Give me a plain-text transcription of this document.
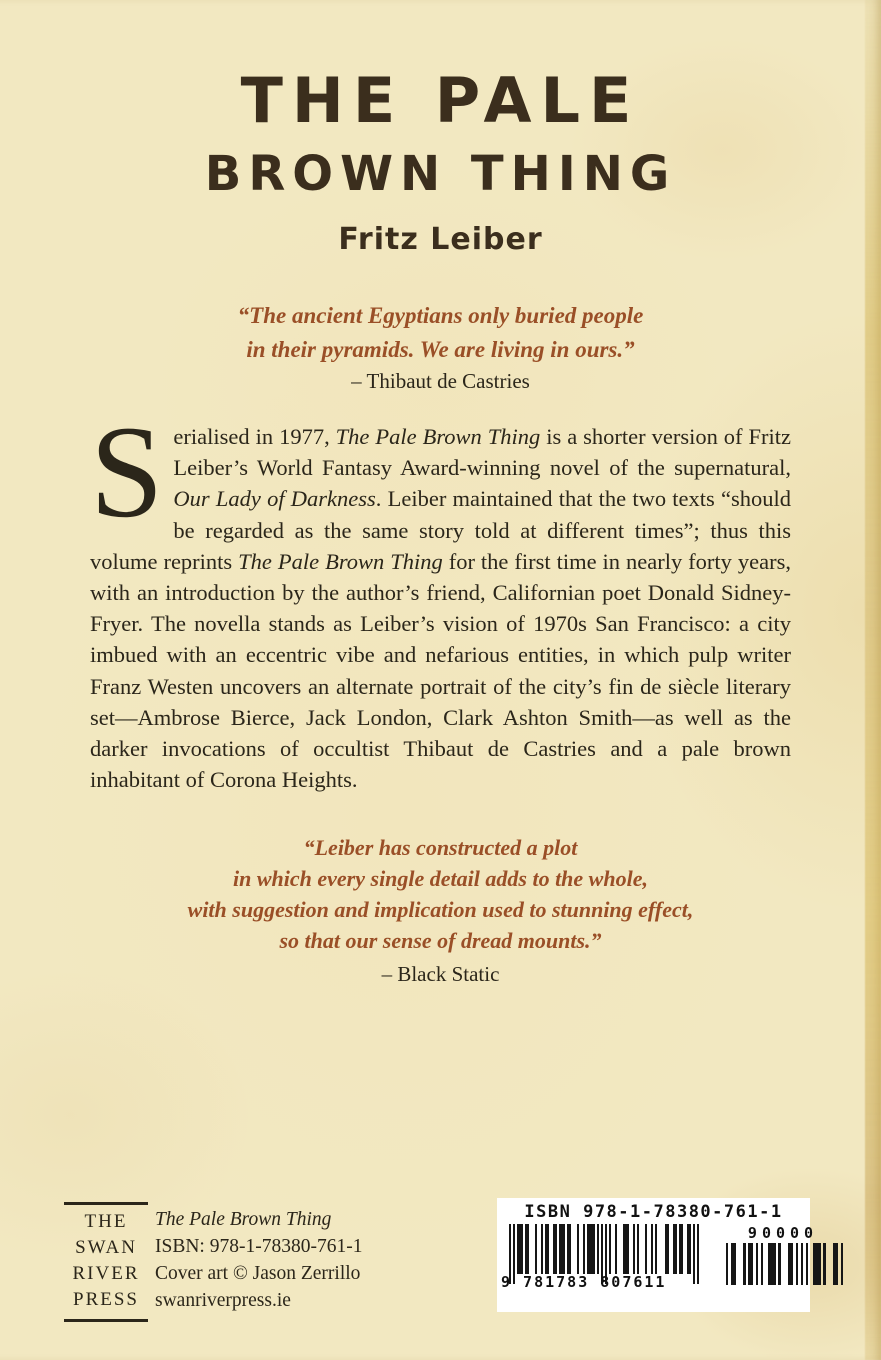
THE PALE
BROWN THING
Fritz Leiber
“The ancient Egyptians only buried people
in their pyramids. We are living in ours.”
– Thibaut de Castries

Serialised in 1977, The Pale Brown Thing is a shorter version of Fritz Leiber’s World Fantasy Award-winning novel of the supernatural, Our Lady of Darkness. Leiber maintained that the two texts “should be regarded as the same story told at different times”; thus this volume reprints The Pale Brown Thing for the first time in nearly forty years, with an introduction by the author’s friend, Californian poet Donald Sidney-Fryer. The novella stands as Leiber’s vision of 1970s San Francisco: a city imbued with an eccentric vibe and nefarious entities, in which pulp writer Franz Westen uncovers an alternate portrait of the city’s fin de siècle literary set—Ambrose Bierce, Jack London, Clark Ashton Smith—as well as the darker invocations of occultist Thibaut de Castries and a pale brown inhabitant of Corona Heights.

“Leiber has constructed a plot
in which every single detail adds to the whole,
with suggestion and implication used to stunning effect,
so that our sense of dread mounts.”
– Black Static
THE
SWAN
RIVER
PRESS
The Pale Brown Thing
ISBN: 978-1-78380-761-1
Cover art © Jason Zerrillo
swanriverpress.ie
ISBN 978-1-78380-761-1
9 781783 807611
90000
